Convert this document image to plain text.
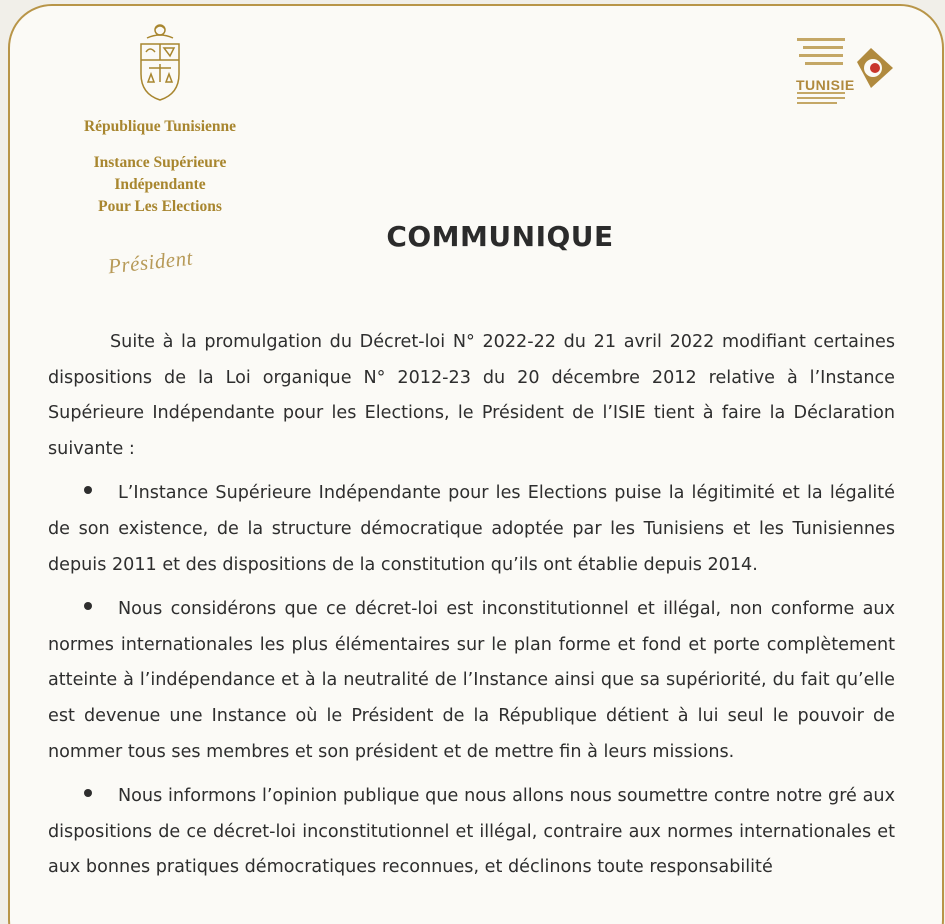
République Tunisienne
Instance Supérieure
Indépendante
Pour Les Elections
Président
TUNISIE
COMMUNIQUE

Suite à la promulgation du Décret-loi N° 2022-22 du 21 avril 2022 modifiant certaines dispositions de la Loi organique N° 2012-23 du 20 décembre 2012 relative à l’Instance Supérieure Indépendante pour les Elections, le Président de l’ISIE tient à faire la Déclaration suivante :

L’Instance Supérieure Indépendante pour les Elections puise la légitimité et la légalité de son existence, de la structure démocratique adoptée par les Tunisiens et les Tunisiennes depuis 2011 et des dispositions de la constitution qu’ils ont établie depuis 2014.

Nous considérons que ce décret-loi est inconstitutionnel et illégal, non conforme aux normes internationales les plus élémentaires sur le plan forme et fond et porte complètement atteinte à l’indépendance et à la neutralité de l’Instance ainsi que sa supériorité, du fait qu’elle est devenue une Instance où le Président de la République détient à lui seul le pouvoir de nommer tous ses membres et son président et de mettre fin à leurs missions.

Nous informons l’opinion publique que nous allons nous soumettre contre notre gré aux dispositions de ce décret-loi inconstitutionnel et illégal, contraire aux normes internationales et aux bonnes pratiques démocratiques reconnues, et déclinons toute responsabilité
